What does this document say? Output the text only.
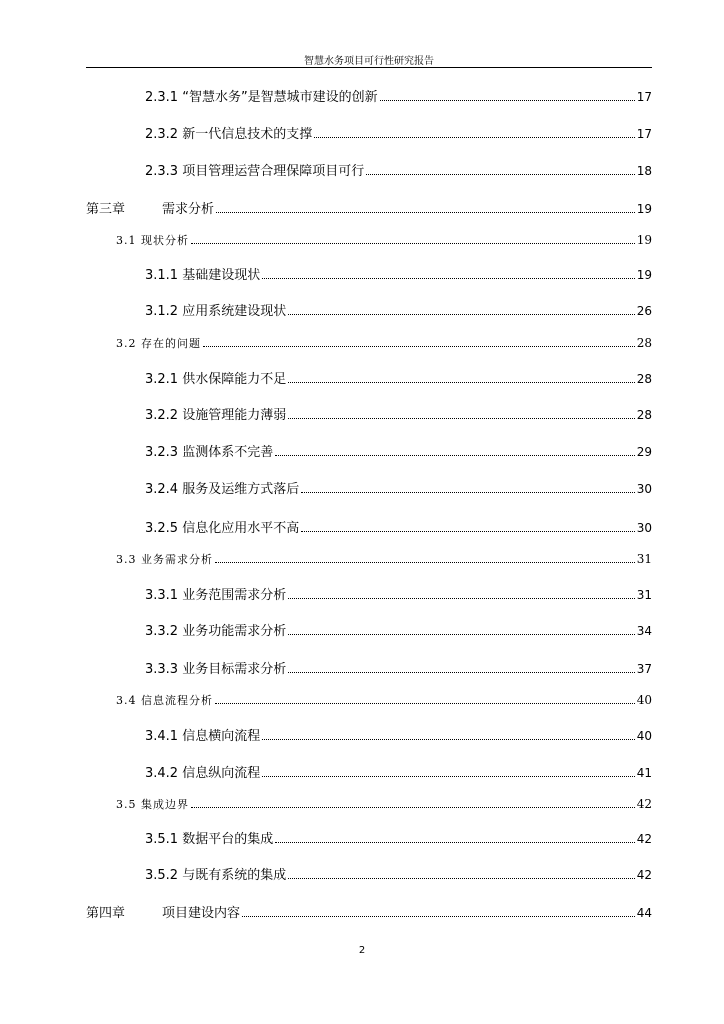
智慧水务项目可行性研究报告
2.3.1 “智慧水务”是智慧城市建设的创新	17
2.3.2 新一代信息技术的支撑	17
2.3.3 项目管理运营合理保障项目可行	18
第三章	需求分析	19
3.1 现状分析	19
3.1.1 基础建设现状	19
3.1.2 应用系统建设现状	26
3.2 存在的问题	28
3.2.1 供水保障能力不足	28
3.2.2 设施管理能力薄弱	28
3.2.3 监测体系不完善	29
3.2.4 服务及运维方式落后	30
3.2.5 信息化应用水平不高	30
3.3 业务需求分析	31
3.3.1 业务范围需求分析	31
3.3.2 业务功能需求分析	34
3.3.3 业务目标需求分析	37
3.4 信息流程分析	40
3.4.1 信息横向流程	40
3.4.2 信息纵向流程	41
3.5 集成边界	42
3.5.1 数据平台的集成	42
3.5.2 与既有系统的集成	42
第四章	项目建设内容	44
2
